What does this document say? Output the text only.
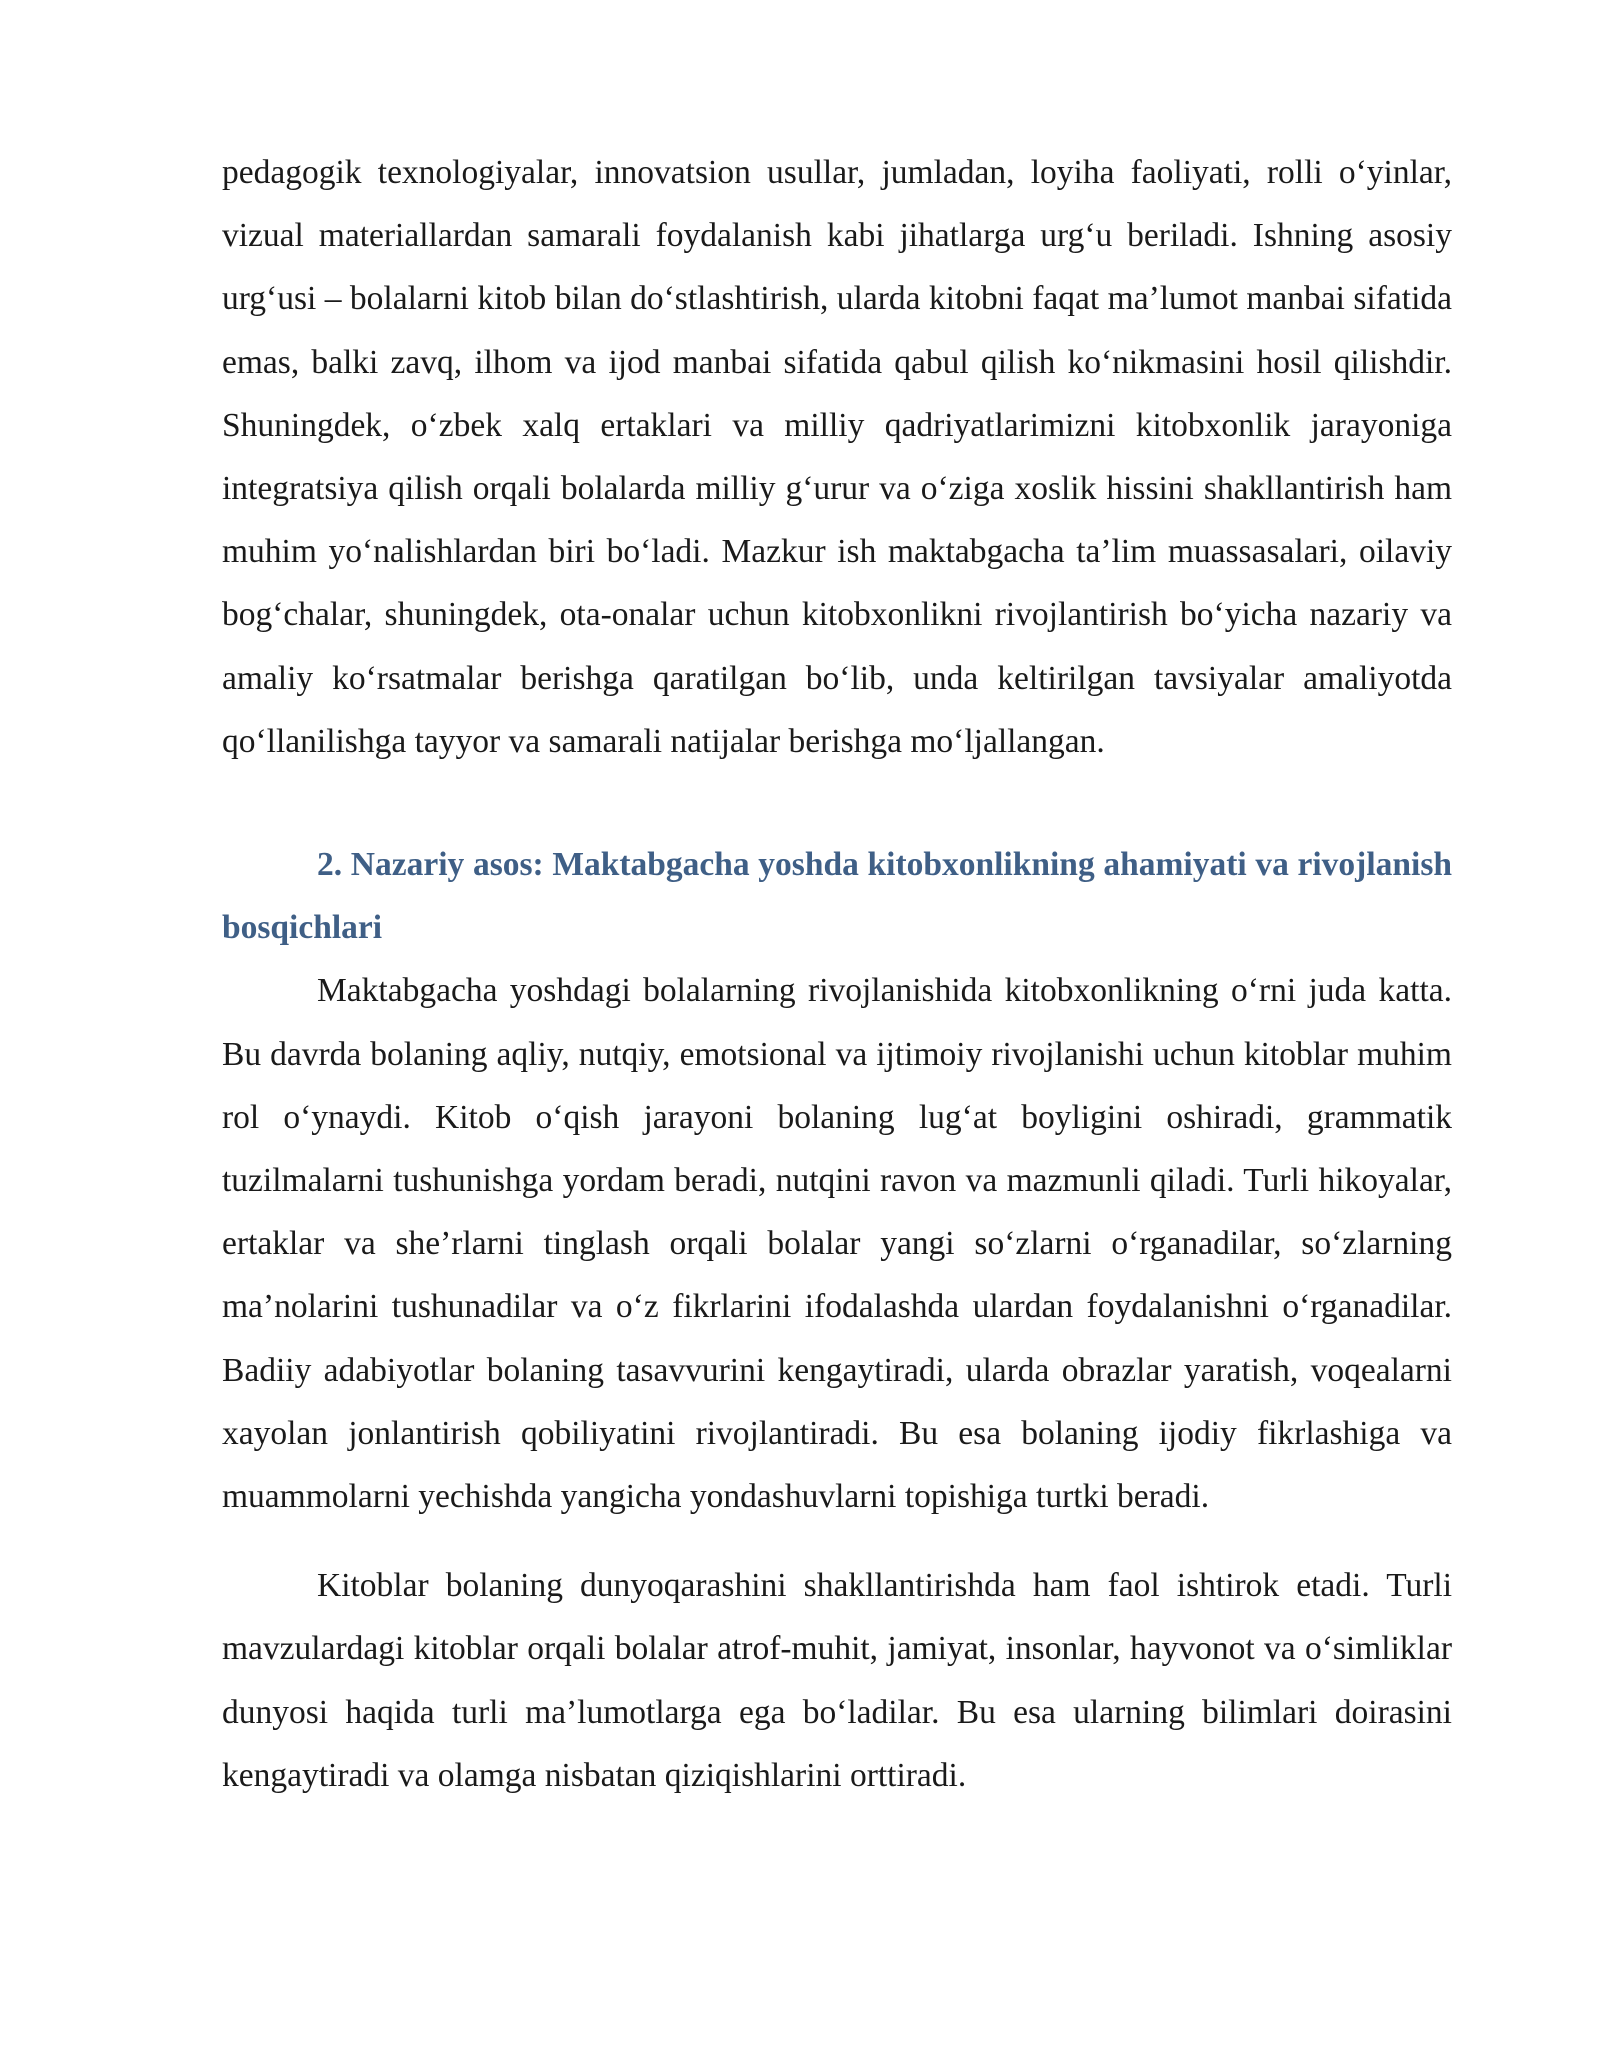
pedagogik texnologiyalar, innovatsion usullar, jumladan, loyiha faoliyati, rolli o‘yinlar, vizual materiallardan samarali foydalanish kabi jihatlarga urg‘u beriladi. Ishning asosiy urg‘usi – bolalarni kitob bilan do‘stlashtirish, ularda kitobni faqat ma’lumot manbai sifatida emas, balki zavq, ilhom va ijod manbai sifatida qabul qilish ko‘nikmasini hosil qilishdir. Shuningdek, o‘zbek xalq ertaklari va milliy qadriyatlarimizni kitobxonlik jarayoniga integratsiya qilish orqali bolalarda milliy g‘urur va o‘ziga xoslik hissini shakllantirish ham muhim yo‘nalishlardan biri bo‘ladi. Mazkur ish maktabgacha ta’lim muassasalari, oilaviy bog‘chalar, shuningdek, ota-onalar uchun kitobxonlikni rivojlantirish bo‘yicha nazariy va amaliy ko‘rsatmalar berishga qaratilgan bo‘lib, unda keltirilgan tavsiyalar amaliyotda qo‘llanilishga tayyor va samarali natijalar berishga mo‘ljallangan.

2. Nazariy asos: Maktabgacha yoshda kitobxonlikning ahamiyati va rivojlanish bosqichlari

Maktabgacha yoshdagi bolalarning rivojlanishida kitobxonlikning o‘rni juda katta. Bu davrda bolaning aqliy, nutqiy, emotsional va ijtimoiy rivojlanishi uchun kitoblar muhim rol o‘ynaydi. Kitob o‘qish jarayoni bolaning lug‘at boyligini oshiradi, grammatik tuzilmalarni tushunishga yordam beradi, nutqini ravon va mazmunli qiladi. Turli hikoyalar, ertaklar va she’rlarni tinglash orqali bolalar yangi so‘zlarni o‘rganadilar, so‘zlarning ma’nolarini tushunadilar va o‘z fikrlarini ifodalashda ulardan foydalanishni o‘rganadilar. Badiiy adabiyotlar bolaning tasavvurini kengaytiradi, ularda obrazlar yaratish, voqealarni xayolan jonlantirish qobiliyatini rivojlantiradi. Bu esa bolaning ijodiy fikrlashiga va muammolarni yechishda yangicha yondashuvlarni topishiga turtki beradi.

Kitoblar bolaning dunyoqarashini shakllantirishda ham faol ishtirok etadi. Turli mavzulardagi kitoblar orqali bolalar atrof-muhit, jamiyat, insonlar, hayvonot va o‘simliklar dunyosi haqida turli ma’lumotlarga ega bo‘ladilar. Bu esa ularning bilimlari doirasini kengaytiradi va olamga nisbatan qiziqishlarini orttiradi.
